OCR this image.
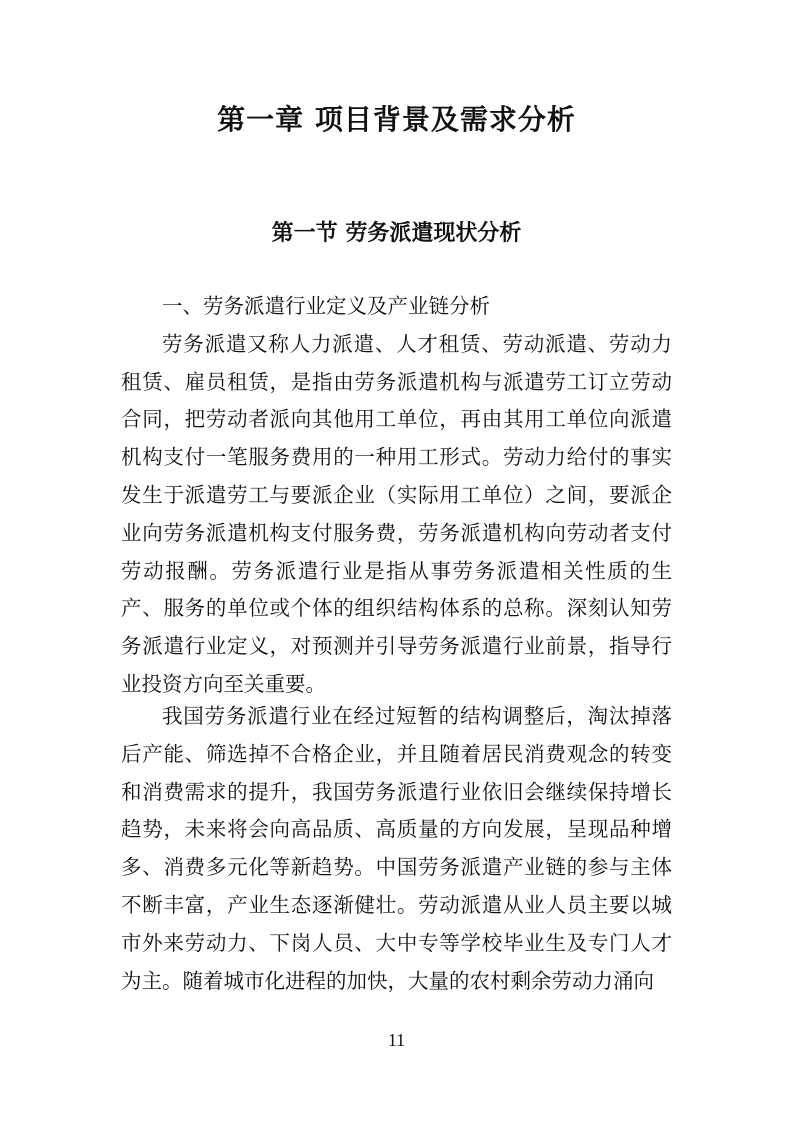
第一章 项目背景及需求分析
第一节 劳务派遣现状分析
一、劳务派遣行业定义及产业链分析
劳务派遣又称人力派遣、人才租赁、劳动派遣、劳动力
租赁、雇员租赁，是指由劳务派遣机构与派遣劳工订立劳动
合同，把劳动者派向其他用工单位，再由其用工单位向派遣
机构支付一笔服务费用的一种用工形式。劳动力给付的事实
发生于派遣劳工与要派企业（实际用工单位）之间，要派企
业向劳务派遣机构支付服务费，劳务派遣机构向劳动者支付
劳动报酬。劳务派遣行业是指从事劳务派遣相关性质的生
产、服务的单位或个体的组织结构体系的总称。深刻认知劳
务派遣行业定义，对预测并引导劳务派遣行业前景，指导行
业投资方向至关重要。
我国劳务派遣行业在经过短暂的结构调整后，淘汰掉落
后产能、筛选掉不合格企业，并且随着居民消费观念的转变
和消费需求的提升，我国劳务派遣行业依旧会继续保持增长
趋势，未来将会向高品质、高质量的方向发展，呈现品种增
多、消费多元化等新趋势。中国劳务派遣产业链的参与主体
不断丰富，产业生态逐渐健壮。劳动派遣从业人员主要以城
市外来劳动力、下岗人员、大中专等学校毕业生及专门人才
为主。随着城市化进程的加快，大量的农村剩余劳动力涌向
11
